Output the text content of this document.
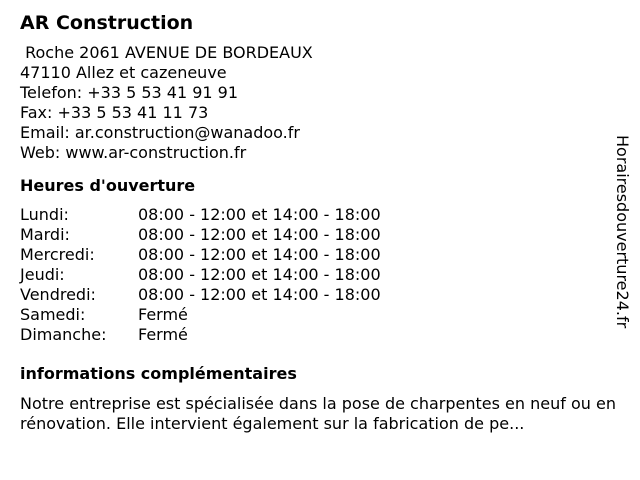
AR Construction
Roche 2061 AVENUE DE BORDEAUX
47110 Allez et cazeneuve
Telefon: +33 5 53 41 91 91
Fax: +33 5 53 41 11 73
Email: ar.construction@wanadoo.fr
Web: www.ar-construction.fr
Heures d'ouverture
Lundi:	08:00 - 12:00 et 14:00 - 18:00
Mardi:	08:00 - 12:00 et 14:00 - 18:00
Mercredi:	08:00 - 12:00 et 14:00 - 18:00
Jeudi:	08:00 - 12:00 et 14:00 - 18:00
Vendredi:	08:00 - 12:00 et 14:00 - 18:00
Samedi:	Fermé
Dimanche:	Fermé
informations complémentaires
Notre entreprise est spécialisée dans la pose de charpentes en neuf ou en rénovation. Elle intervient également sur la fabrication de pe...
Horairesdouverture24.fr
